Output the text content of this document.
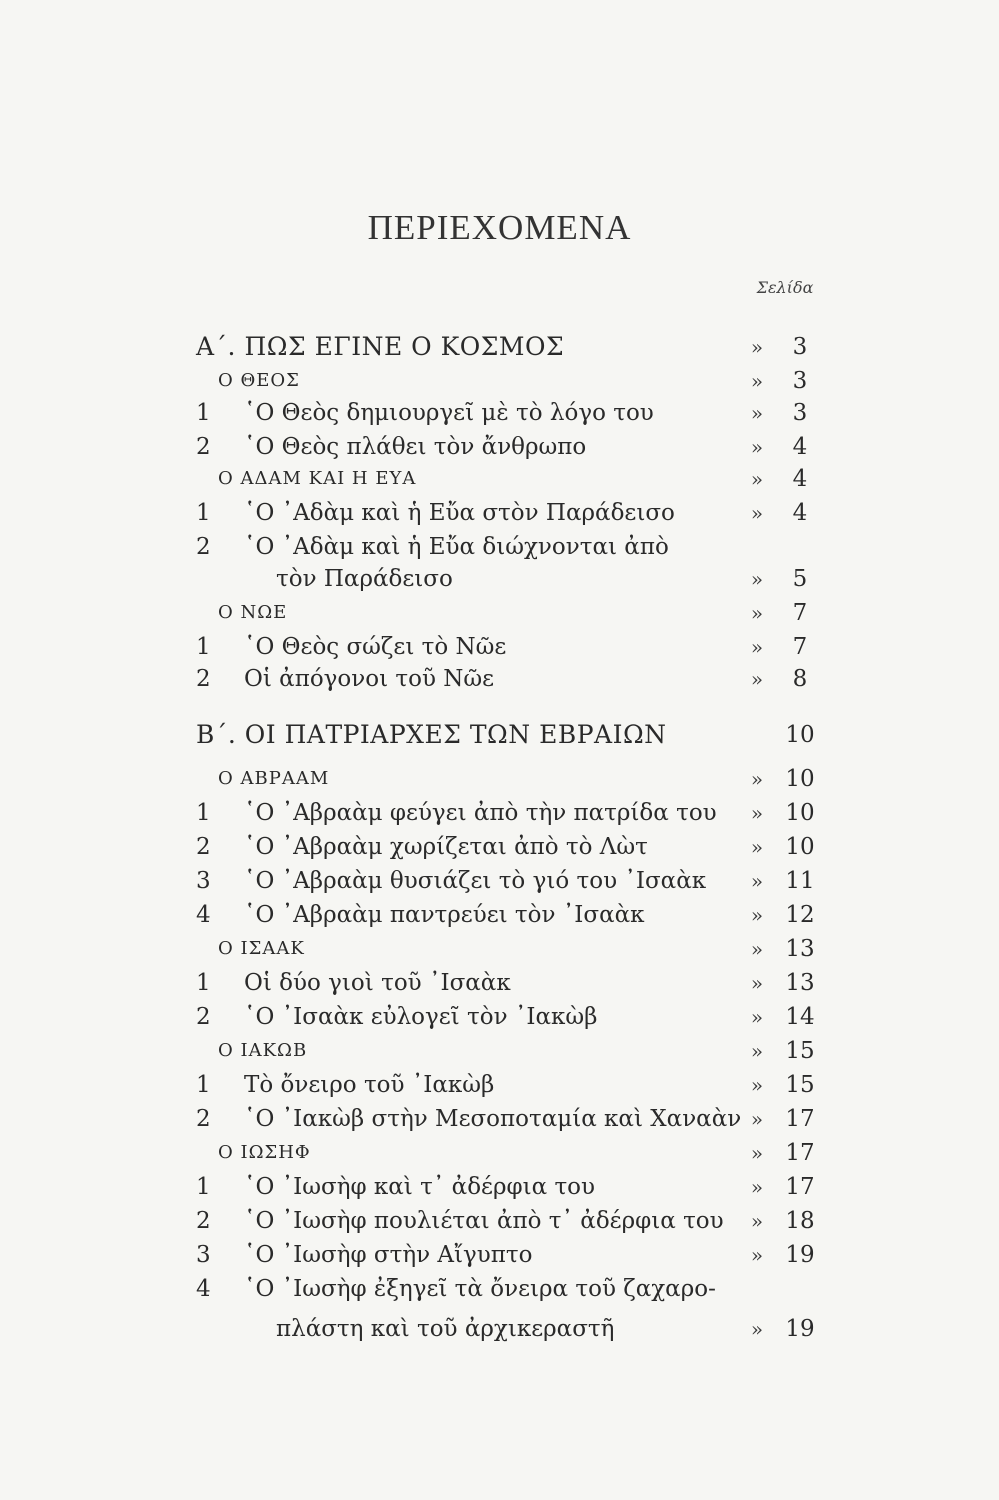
ΠΕΡΙΕΧΟΜΕΝΑ
Σελίδα
Α΄. ΠΩΣ ΕΓΙΝΕ Ο ΚΟΣΜΟΣ	»	3
Ο ΘΕΟΣ	»	3
1	῾Ο Θεὸς δημιουργεῖ μὲ τὸ λόγο του	»	3
2	῾Ο Θεὸς πλάθει τὸν ἄνθρωπο	»	4
Ο ΑΔΑΜ ΚΑΙ Η ΕΥΑ	»	4
1	῾Ο ᾿Αδὰμ καὶ ἡ Εὔα στὸν Παράδεισο	»	4
2	῾Ο ᾿Αδὰμ καὶ ἡ Εὔα διώχνονται ἀπὸ
τὸν Παράδεισο	»	5
Ο ΝΩΕ	»	7
1	῾Ο Θεὸς σώζει τὸ Νῶε	»	7
2	Οἱ ἀπόγονοι τοῦ Νῶε	»	8
Β΄. ΟΙ ΠΑΤΡΙΑΡΧΕΣ ΤΩΝ ΕΒΡΑΙΩΝ	10
Ο ΑΒΡΑΑΜ	» 10
1	῾Ο ᾿Αβραὰμ φεύγει ἀπὸ τὴν πατρίδα του	» 10
2	῾Ο ᾿Αβραὰμ χωρίζεται ἀπὸ τὸ Λὼτ	» 10
3	῾Ο ᾿Αβραὰμ θυσιάζει τὸ γιό του ᾿Ισαὰκ	» 11
4	῾Ο ᾿Αβραὰμ παντρεύει τὸν ᾿Ισαὰκ	» 12
Ο ΙΣΑΑΚ	» 13
1	Οἱ δύο γιοὶ τοῦ ᾿Ισαὰκ	» 13
2	῾Ο ᾿Ισαὰκ εὐλογεῖ τὸν ᾿Ιακὼβ	» 14
Ο ΙΑΚΩΒ	» 15
1	Τὸ ὄνειρο τοῦ ᾿Ιακὼβ	» 15
2	῾Ο ᾿Ιακὼβ στὴν Μεσοποταμία καὶ Χαναὰν » 17
Ο ΙΩΣΗΦ	» 17
1	῾Ο ᾿Ιωσὴφ καὶ τ᾿ ἀδέρφια του	» 17
2	῾Ο ᾿Ιωσὴφ πουλιέται ἀπὸ τ᾿ ἀδέρφια του	» 18
3	῾Ο ᾿Ιωσὴφ στὴν Αἴγυπτο	» 19
4	῾Ο ᾿Ιωσὴφ ἐξηγεῖ τὰ ὄνειρα τοῦ ζαχαρο-
πλάστη καὶ τοῦ ἀρχικεραστῆ	» 19
